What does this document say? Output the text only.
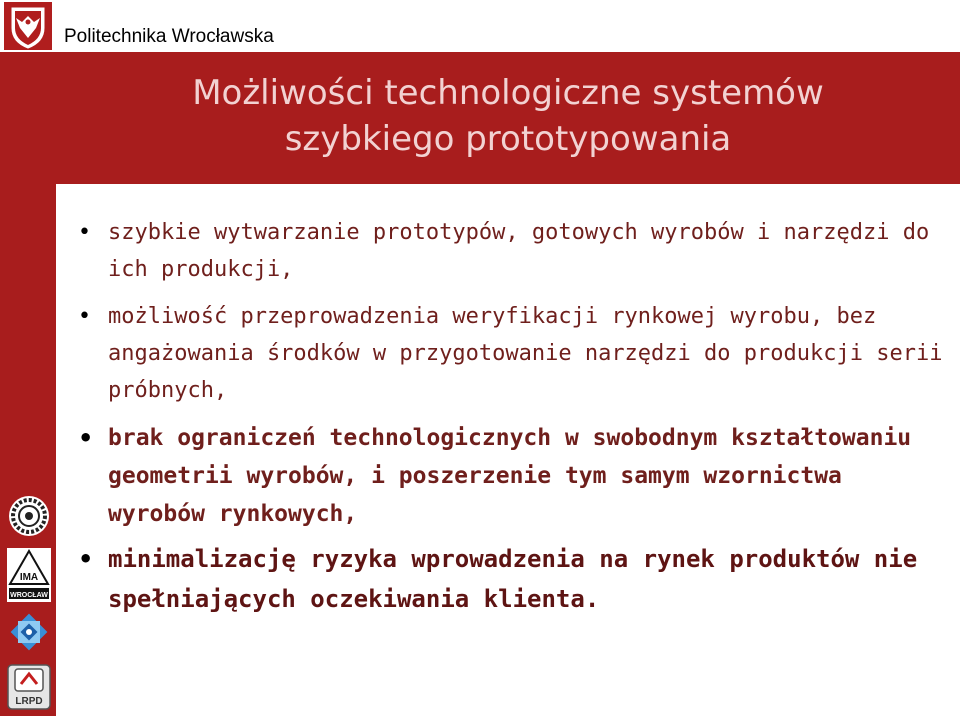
Politechnika Wrocławska
Możliwości technologiczne systemów
szybkiego prototypowania
• szybkie wytwarzanie prototypów, gotowych wyrobów i narzędzi do ich produkcji,
• możliwość przeprowadzenia weryfikacji rynkowej wyrobu, bez angażowania środków w przygotowanie narzędzi do produkcji serii próbnych,
• brak ograniczeń technologicznych w swobodnym kształtowaniu geometrii wyrobów, i poszerzenie tym samym wzornictwa wyrobów rynkowych,
• minimalizację ryzyka wprowadzenia na rynek produktów nie spełniających oczekiwania klienta.
IMA
WROCŁAW
LRPD
